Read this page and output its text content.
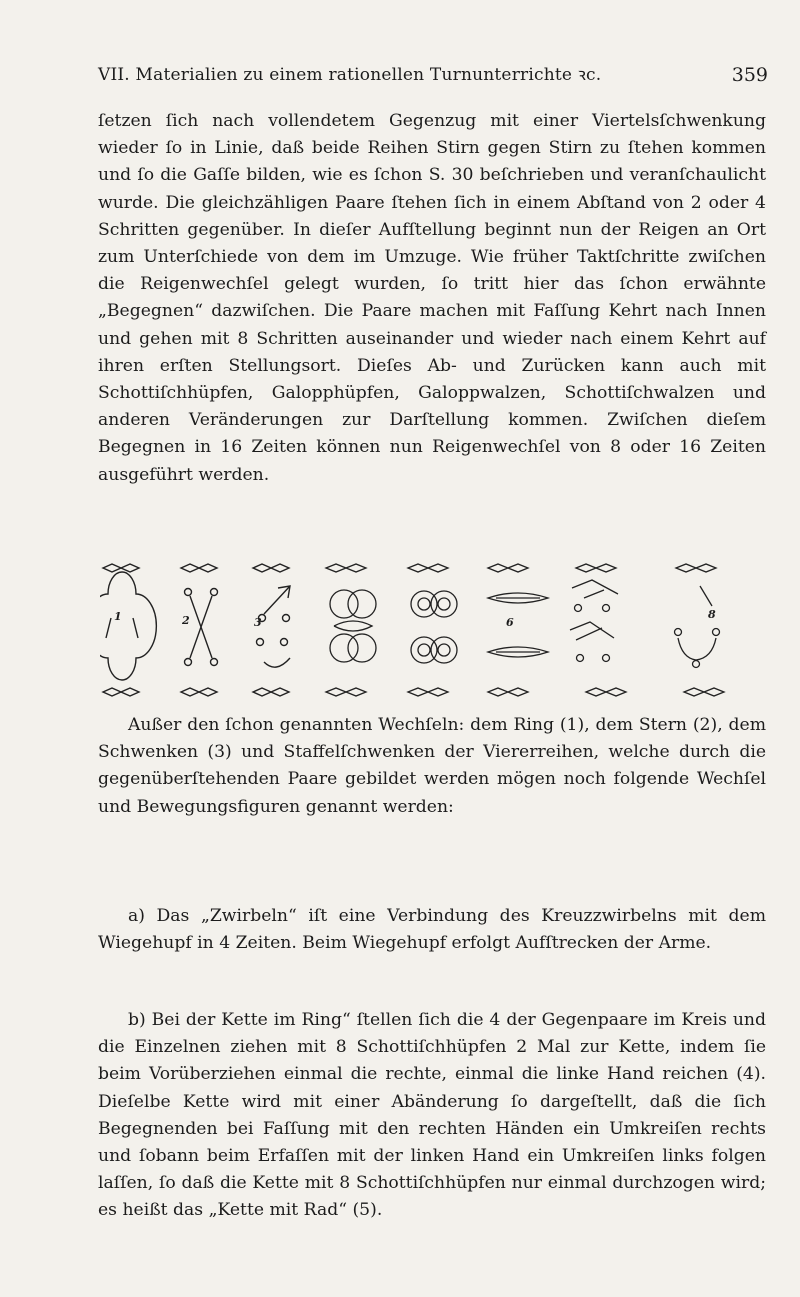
VII. Materialien zu einem rationellen Turnunterrichte ꝛc.	359

ſetzen ſich nach vollendetem Gegenzug mit einer Viertelsſchwenkung wieder ſo in Linie, daß beide Reihen Stirn gegen Stirn zu ſtehen kommen und ſo die Gaſſe bilden, wie es ſchon S. 30 beſchrieben und veranſchaulicht wurde. Die gleichzähligen Paare ſtehen ſich in einem Abſtand von 2 oder 4 Schritten gegenüber. In dieſer Aufſtellung beginnt nun der Reigen an Ort zum Unterſchiede von dem im Umzuge. Wie früher Taktſchritte zwiſchen die Reigenwechſel gelegt wurden, ſo tritt hier das ſchon erwähnte „Begegnen“ dazwiſchen. Die Paare machen mit Faſſung Kehrt nach Innen und gehen mit 8 Schritten auseinander und wieder nach einem Kehrt auf ihren erſten Stellungsort. Dieſes Ab- und Zurücken kann auch mit Schottiſchhüpfen, Galopphüpfen, Galoppwalzen, Schottiſchwalzen und anderen Veränderungen zur Darſtellung kommen. Zwiſchen dieſem Begegnen in 16 Zeiten können nun Reigenwechſel von 8 oder 16 Zeiten ausgeführt werden.

1	2	3	6
8

Außer den ſchon genannten Wechſeln: dem Ring (1), dem Stern (2), dem Schwenken (3) und Staffelſchwenken der Viererreihen, welche durch die gegenüberſtehenden Paare gebildet werden mögen noch folgende Wechſel und Bewegungsfiguren genannt werden:

a) Das „Zwirbeln“ iſt eine Verbindung des Kreuzzwirbelns mit dem Wiegehupf in 4 Zeiten. Beim Wiegehupf erfolgt Aufſtrecken der Arme.

b) Bei der Kette im Ring“ ſtellen ſich die 4 der Gegenpaare im Kreis und die Einzelnen ziehen mit 8 Schottiſchhüpfen 2 Mal zur Kette, indem ſie beim Vorüberziehen einmal die rechte, einmal die linke Hand reichen (4). Dieſelbe Kette wird mit einer Abänderung ſo dargeſtellt, daß die ſich Begegnenden bei Faſſung mit den rechten Händen ein Umkreiſen rechts und ſobann beim Erfaſſen mit der linken Hand ein Umkreiſen links folgen laſſen, ſo daß die Kette mit 8 Schottiſchhüpfen nur einmal durchzogen wird; es heißt das „Kette mit Rad“ (5).
